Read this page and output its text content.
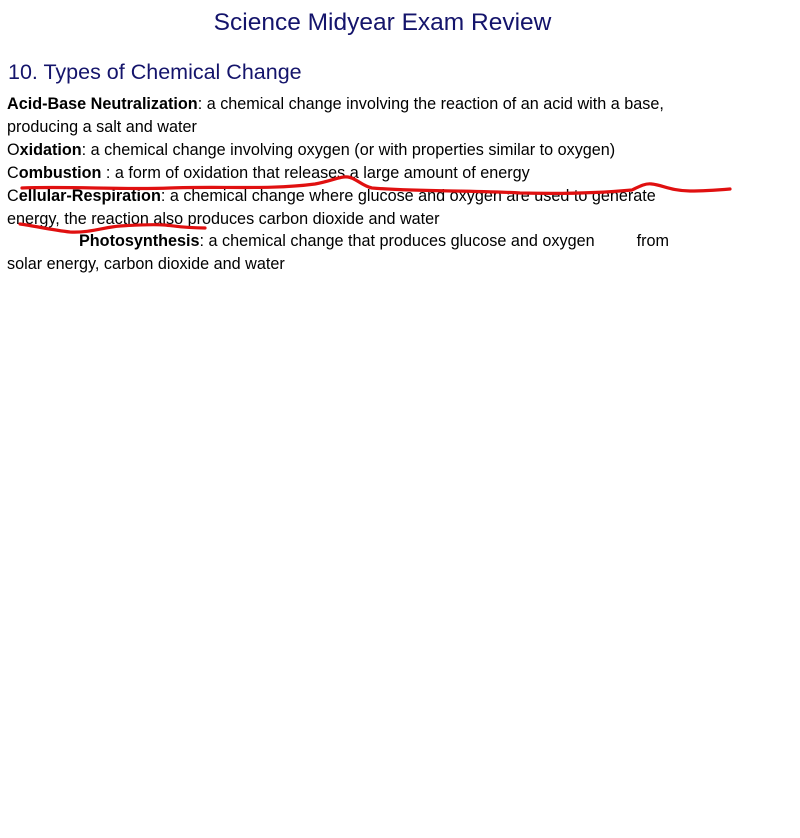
Science Midyear Exam Review
10. Types of Chemical Change
Acid-Base Neutralization: a chemical change involving the reaction of an acid with a base,
producing a salt and water
Oxidation: a chemical change involving oxygen (or with properties similar to oxygen)
Combustion : a form of oxidation that releases a large amount of energy
Cellular-Respiration: a chemical change where glucose and oxygen are used to generate
energy, the reaction also produces carbon dioxide and water
Photosynthesis: a chemical change that produces glucose and oxygen	from
solar energy, carbon dioxide and water
